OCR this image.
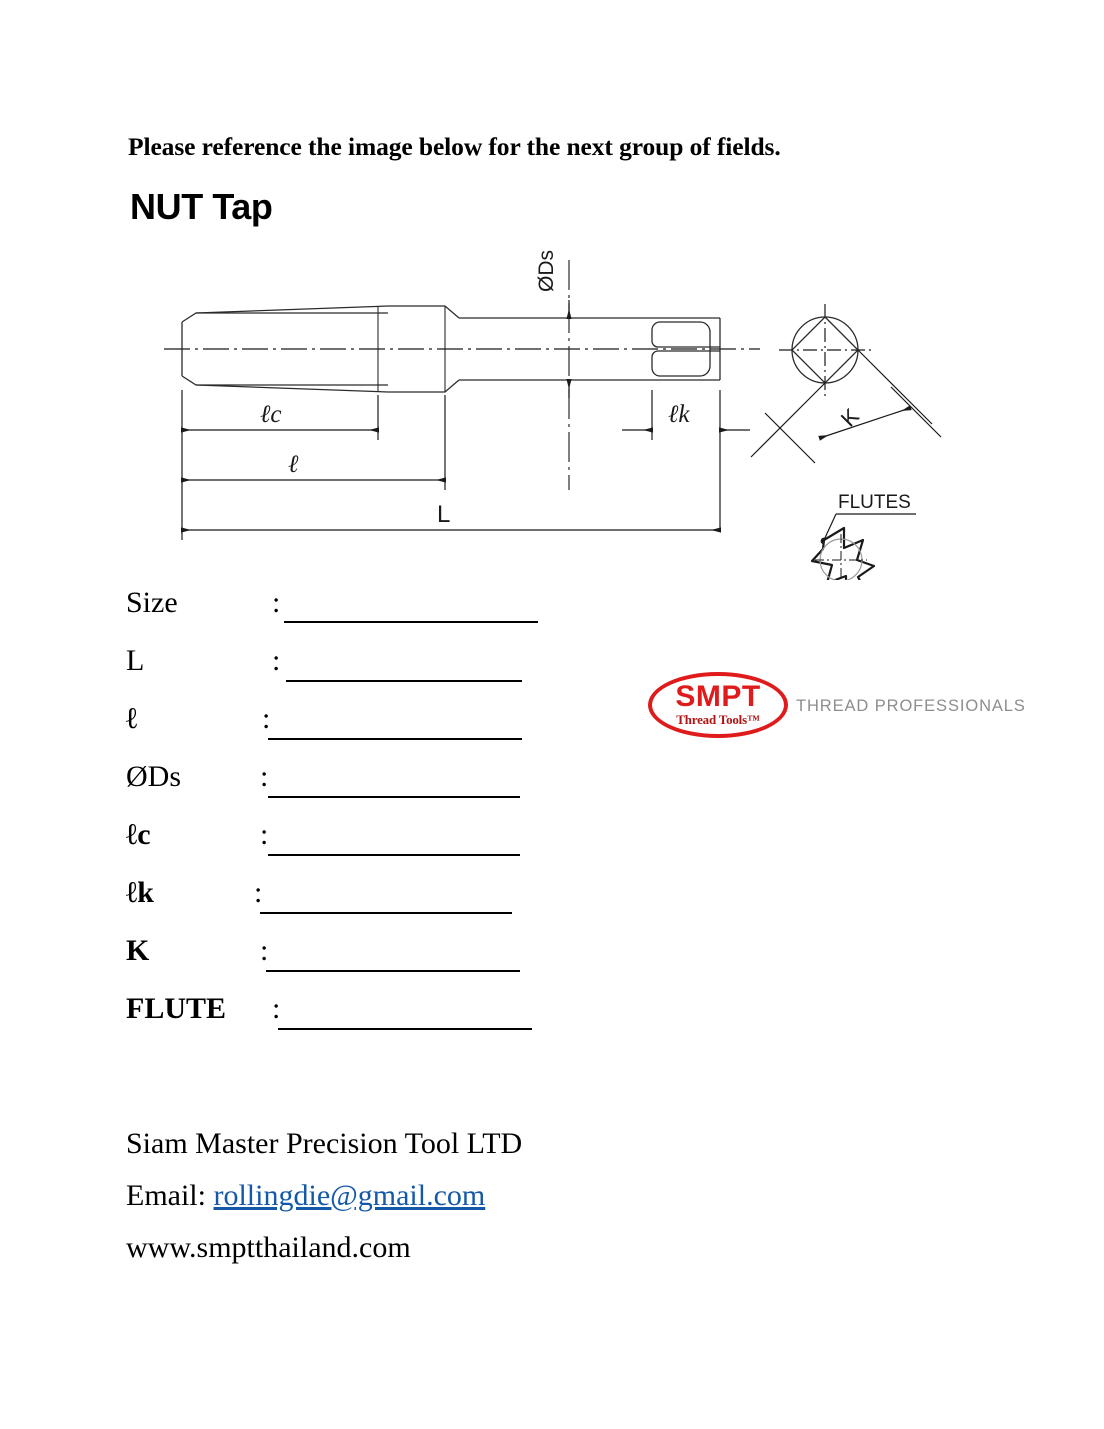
Please reference the image below for the next group of fields.
NUT Tap
ØDs
ℓc
ℓ
L
ℓk	K
FLUTES
Size	:
L	:
ℓ	:
ØDs	:
ℓc	:
ℓk	:
K	:
FLUTE :
SMPT
Thread Tools™
THREAD PROFESSIONALS
Siam Master Precision Tool LTD
Email: rollingdie@gmail.com
www.smptthailand.com
